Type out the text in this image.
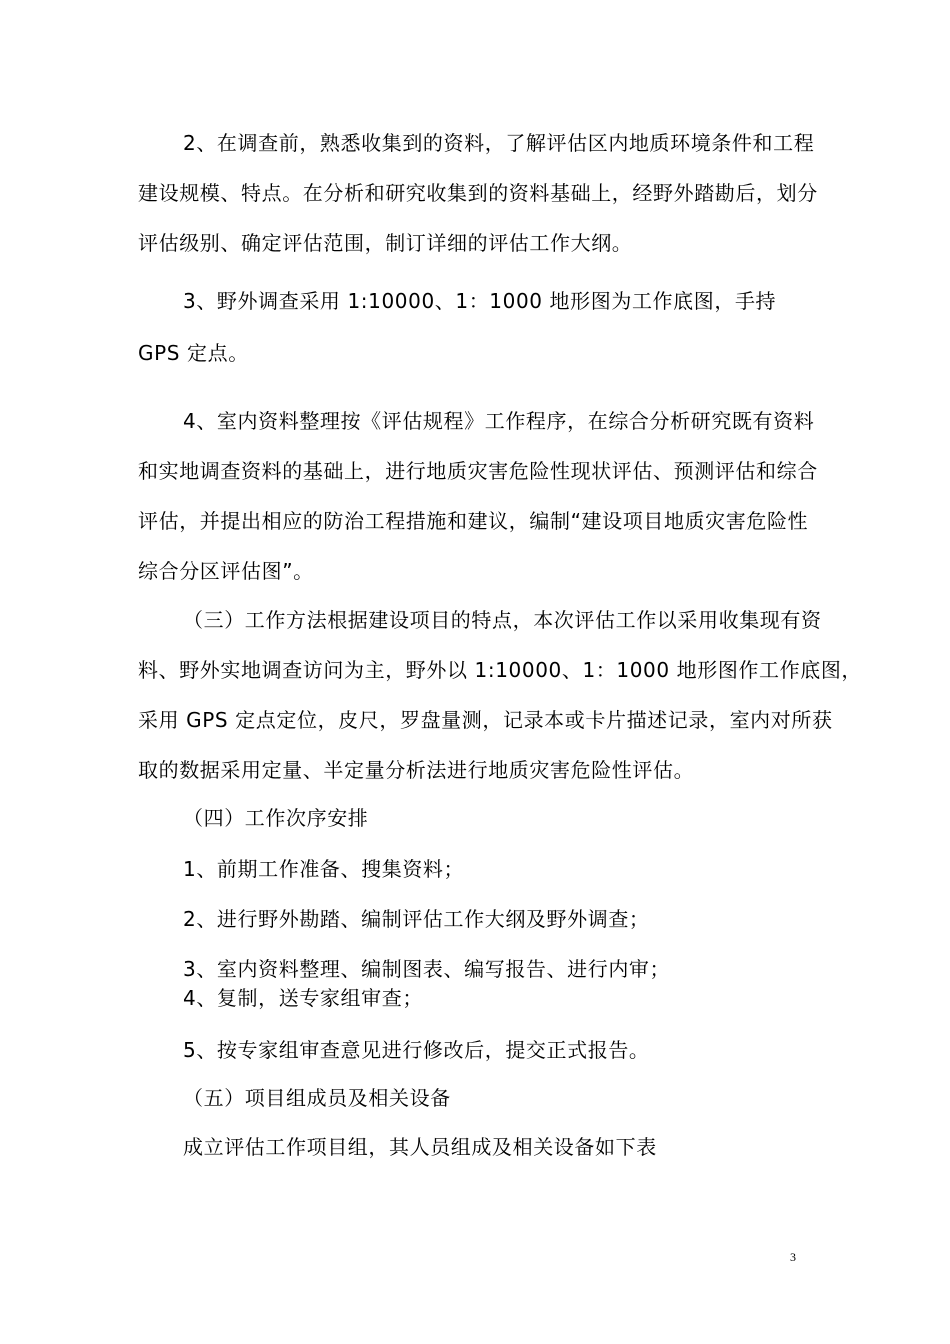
2、在调查前，熟悉收集到的资料，了解评估区内地质环境条件和工程
建设规模、特点。在分析和研究收集到的资料基础上，经野外踏勘后，划分
评估级别、确定评估范围，制订详细的评估工作大纲。
3、野外调查采用 1:10000、1：1000 地形图为工作底图，手持
GPS 定点。
4、室内资料整理按《评估规程》工作程序，在综合分析研究既有资料
和实地调查资料的基础上，进行地质灾害危险性现状评估、预测评估和综合
评估，并提出相应的防治工程措施和建议，编制“建设项目地质灾害危险性
综合分区评估图”。
（三）工作方法根据建设项目的特点，本次评估工作以采用收集现有资
料、野外实地调查访问为主，野外以 1:10000、1：1000 地形图作工作底图，
采用 GPS 定点定位，皮尺，罗盘量测，记录本或卡片描述记录，室内对所获
取的数据采用定量、半定量分析法进行地质灾害危险性评估。
（四）工作次序安排
1、前期工作准备、搜集资料；
2、进行野外勘踏、编制评估工作大纲及野外调查；
3、室内资料整理、编制图表、编写报告、进行内审；
4、复制，送专家组审查；
5、按专家组审查意见进行修改后，提交正式报告。
（五）项目组成员及相关设备
成立评估工作项目组，其人员组成及相关设备如下表
3
